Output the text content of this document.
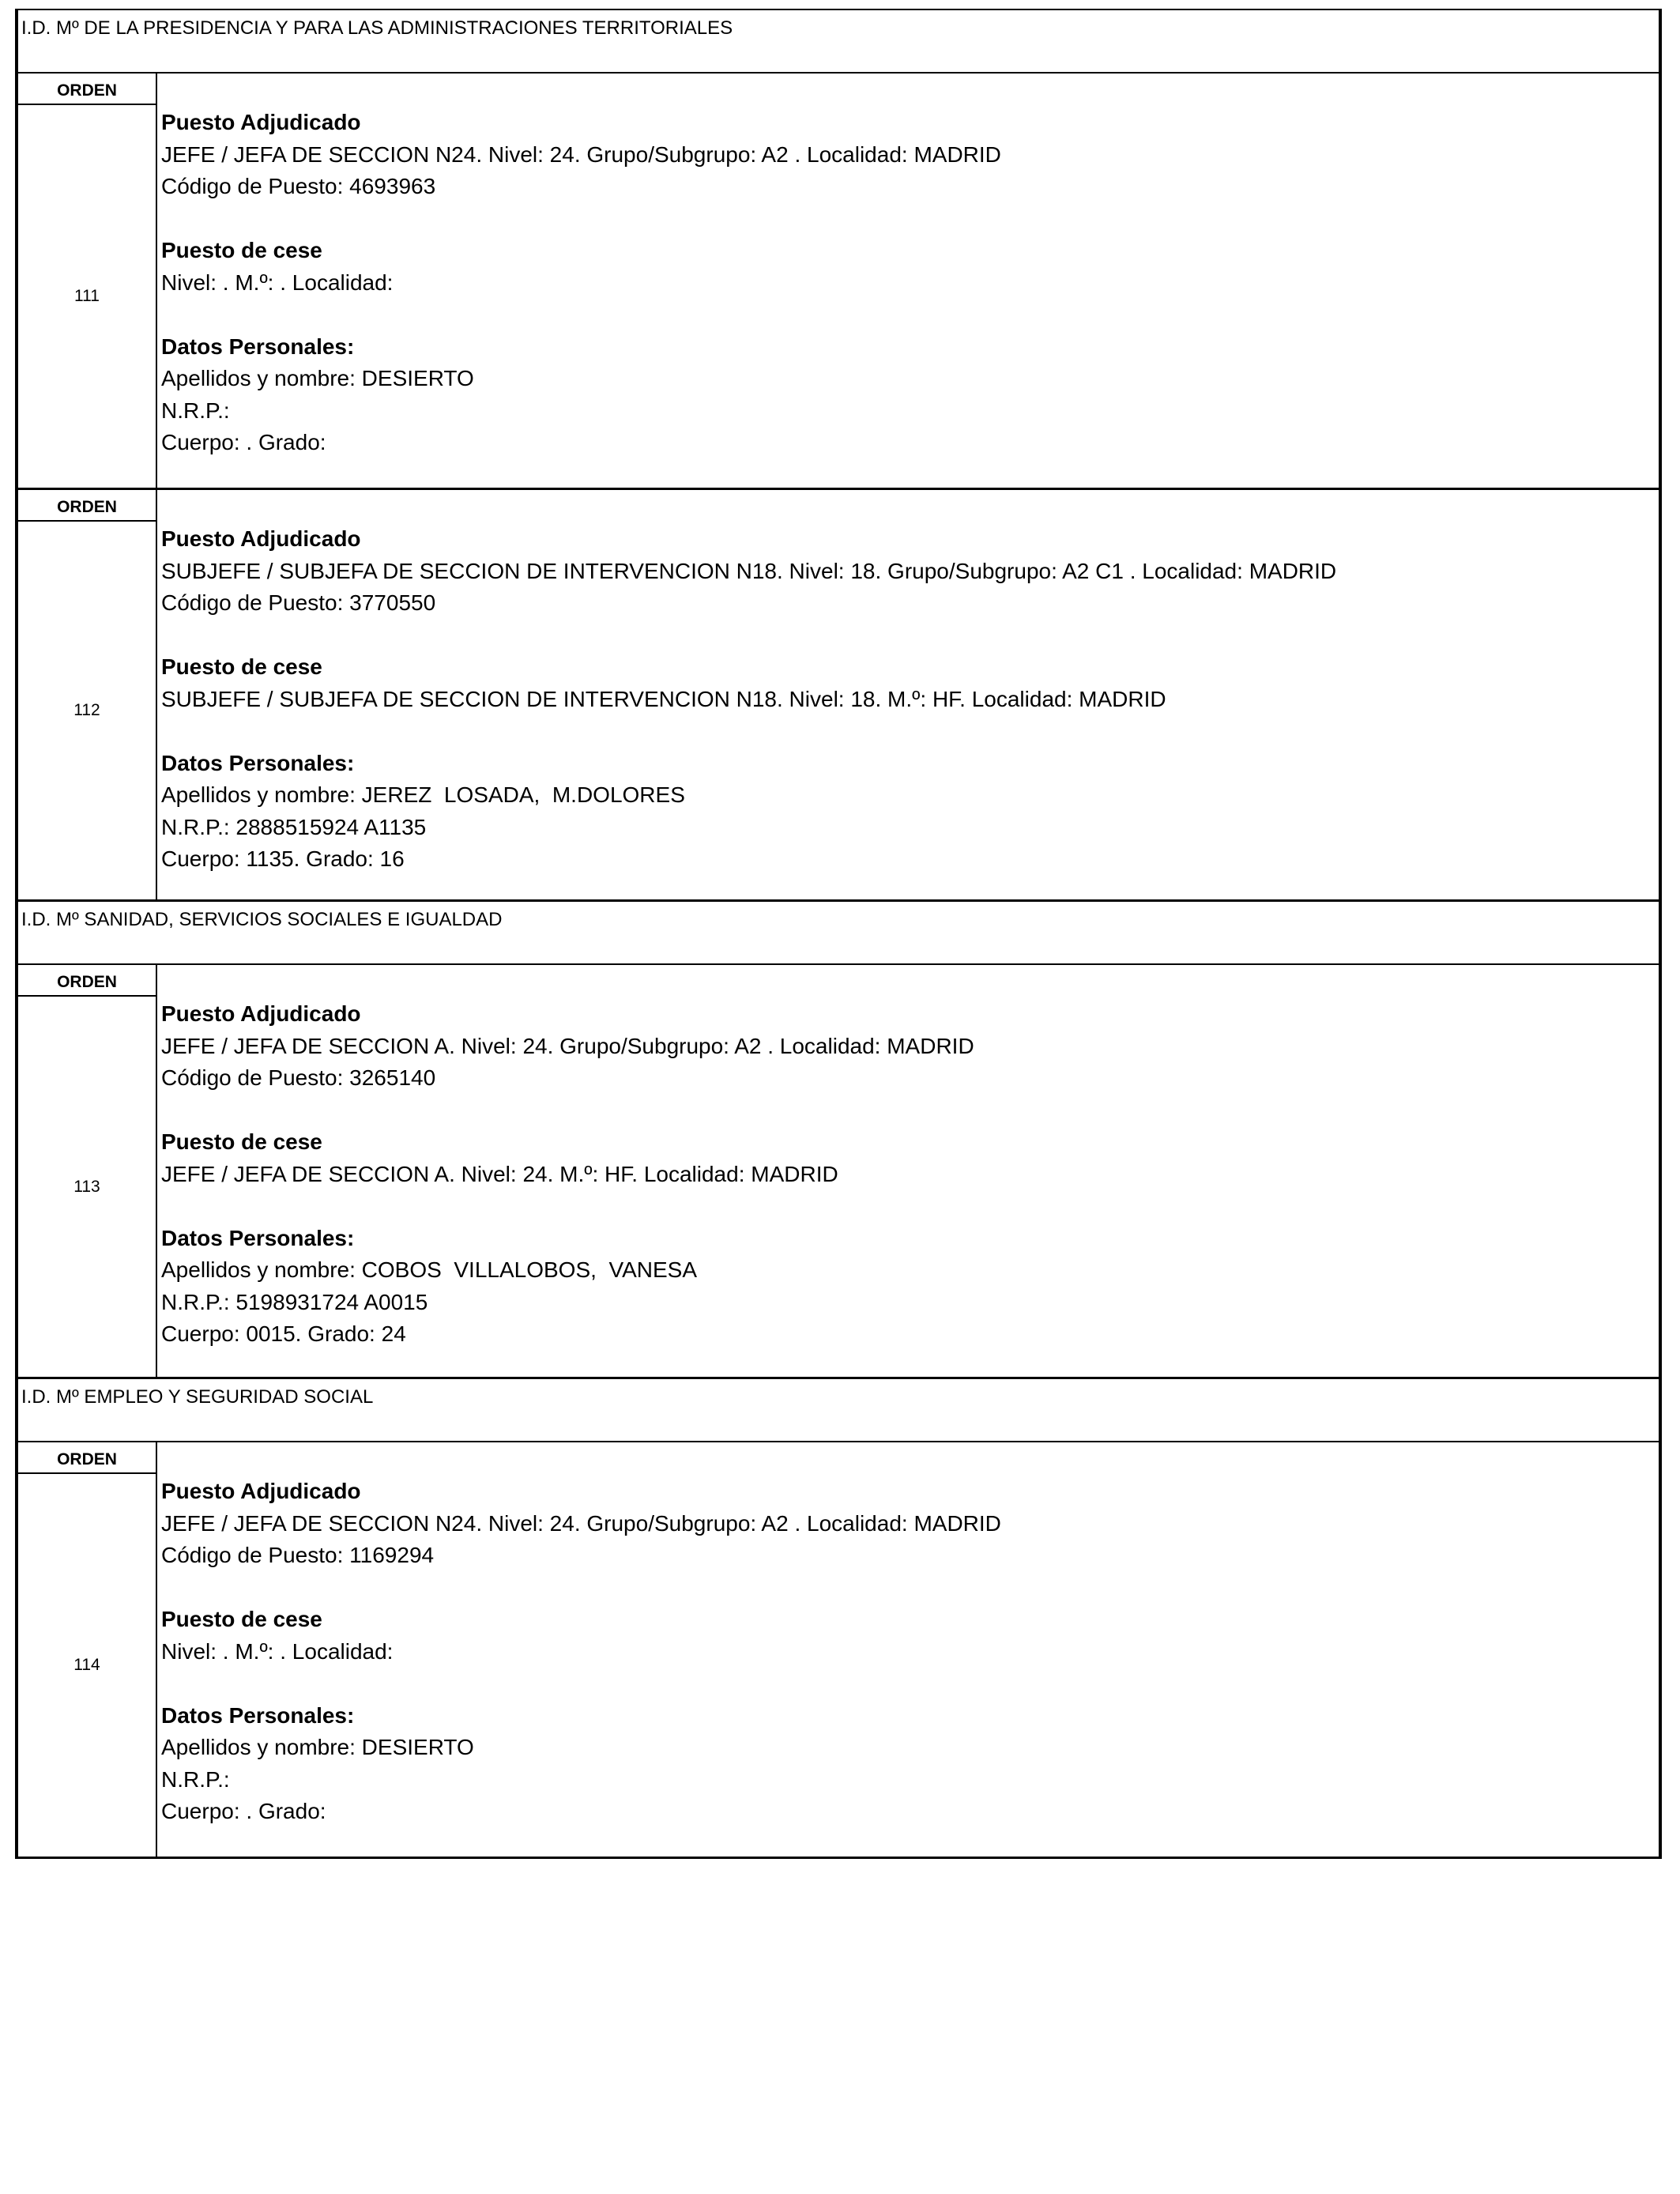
I.D. Mº DE LA PRESIDENCIA Y PARA LAS ADMINISTRACIONES TERRITORIALES
ORDEN
111
Puesto Adjudicado
JEFE / JEFA DE SECCION N24. Nivel: 24. Grupo/Subgrupo: A2 . Localidad: MADRID
Código de Puesto: 4693963
Puesto de cese
Nivel: . M.º: . Localidad:
Datos Personales:
Apellidos y nombre: DESIERTO
N.R.P.:
Cuerpo: . Grado:
ORDEN
112
Puesto Adjudicado
SUBJEFE / SUBJEFA DE SECCION DE INTERVENCION N18. Nivel: 18. Grupo/Subgrupo: A2 C1 . Localidad: MADRID
Código de Puesto: 3770550
Puesto de cese
SUBJEFE / SUBJEFA DE SECCION DE INTERVENCION N18. Nivel: 18. M.º: HF. Localidad: MADRID
Datos Personales:
Apellidos y nombre: JEREZ  LOSADA,  M.DOLORES
N.R.P.: 2888515924 A1135
Cuerpo: 1135. Grado: 16
I.D. Mº SANIDAD, SERVICIOS SOCIALES E IGUALDAD
ORDEN
113
Puesto Adjudicado
JEFE / JEFA DE SECCION A. Nivel: 24. Grupo/Subgrupo: A2 . Localidad: MADRID
Código de Puesto: 3265140
Puesto de cese
JEFE / JEFA DE SECCION A. Nivel: 24. M.º: HF. Localidad: MADRID
Datos Personales:
Apellidos y nombre: COBOS  VILLALOBOS,  VANESA
N.R.P.: 5198931724 A0015
Cuerpo: 0015. Grado: 24
I.D. Mº EMPLEO Y SEGURIDAD SOCIAL
ORDEN
114
Puesto Adjudicado
JEFE / JEFA DE SECCION N24. Nivel: 24. Grupo/Subgrupo: A2 . Localidad: MADRID
Código de Puesto: 1169294
Puesto de cese
Nivel: . M.º: . Localidad:
Datos Personales:
Apellidos y nombre: DESIERTO
N.R.P.:
Cuerpo: . Grado:
